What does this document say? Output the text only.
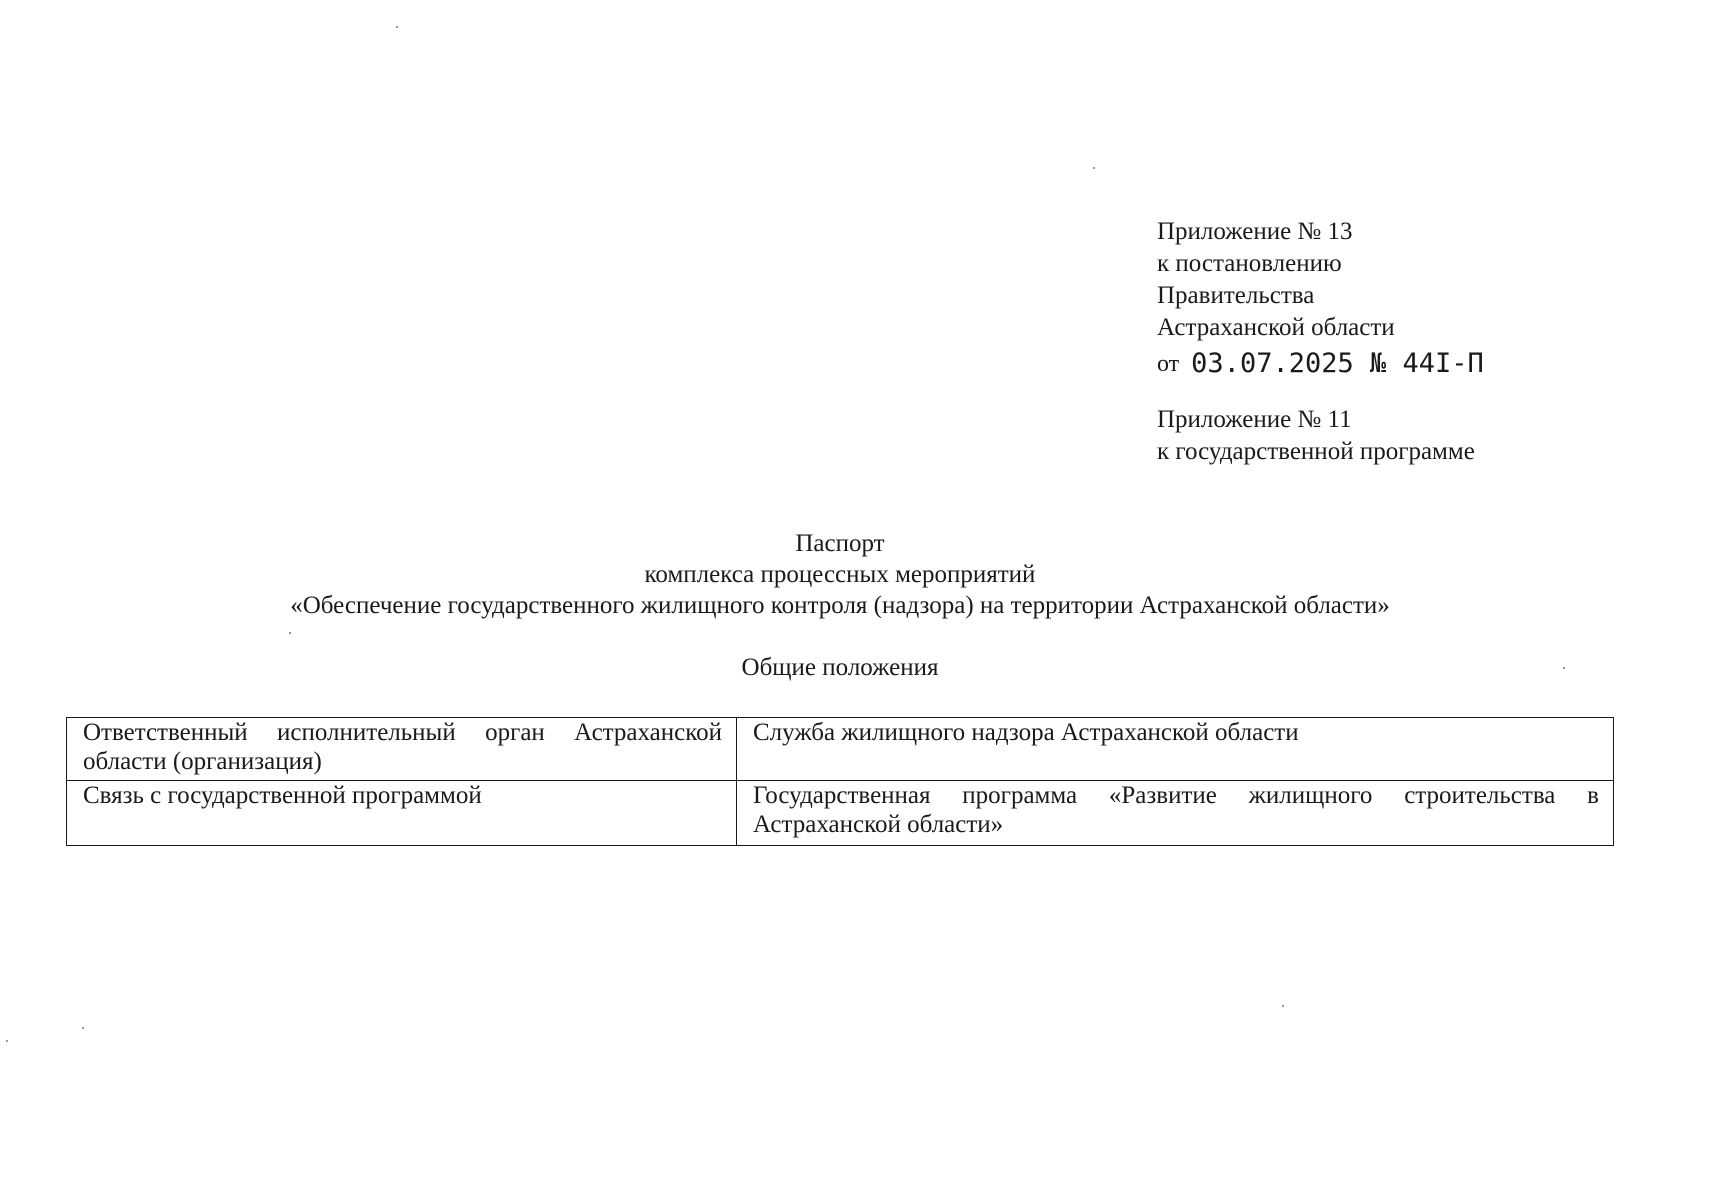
Приложение № 13
к постановлению
Правительства
Астраханской области
от 03.07.2025 № 44I-П
Приложение № 11
к государственной программе
Паспорт
комплекса процессных мероприятий
«Обеспечение государственного жилищного контроля (надзора) на территории Астраханской области»
Общие положения
Ответственный исполнительный орган Астраханской области (организация)	Служба жилищного надзора Астраханской области
Связь с государственной программой	Государственная программа «Развитие жилищного строительства в Астраханской области»
